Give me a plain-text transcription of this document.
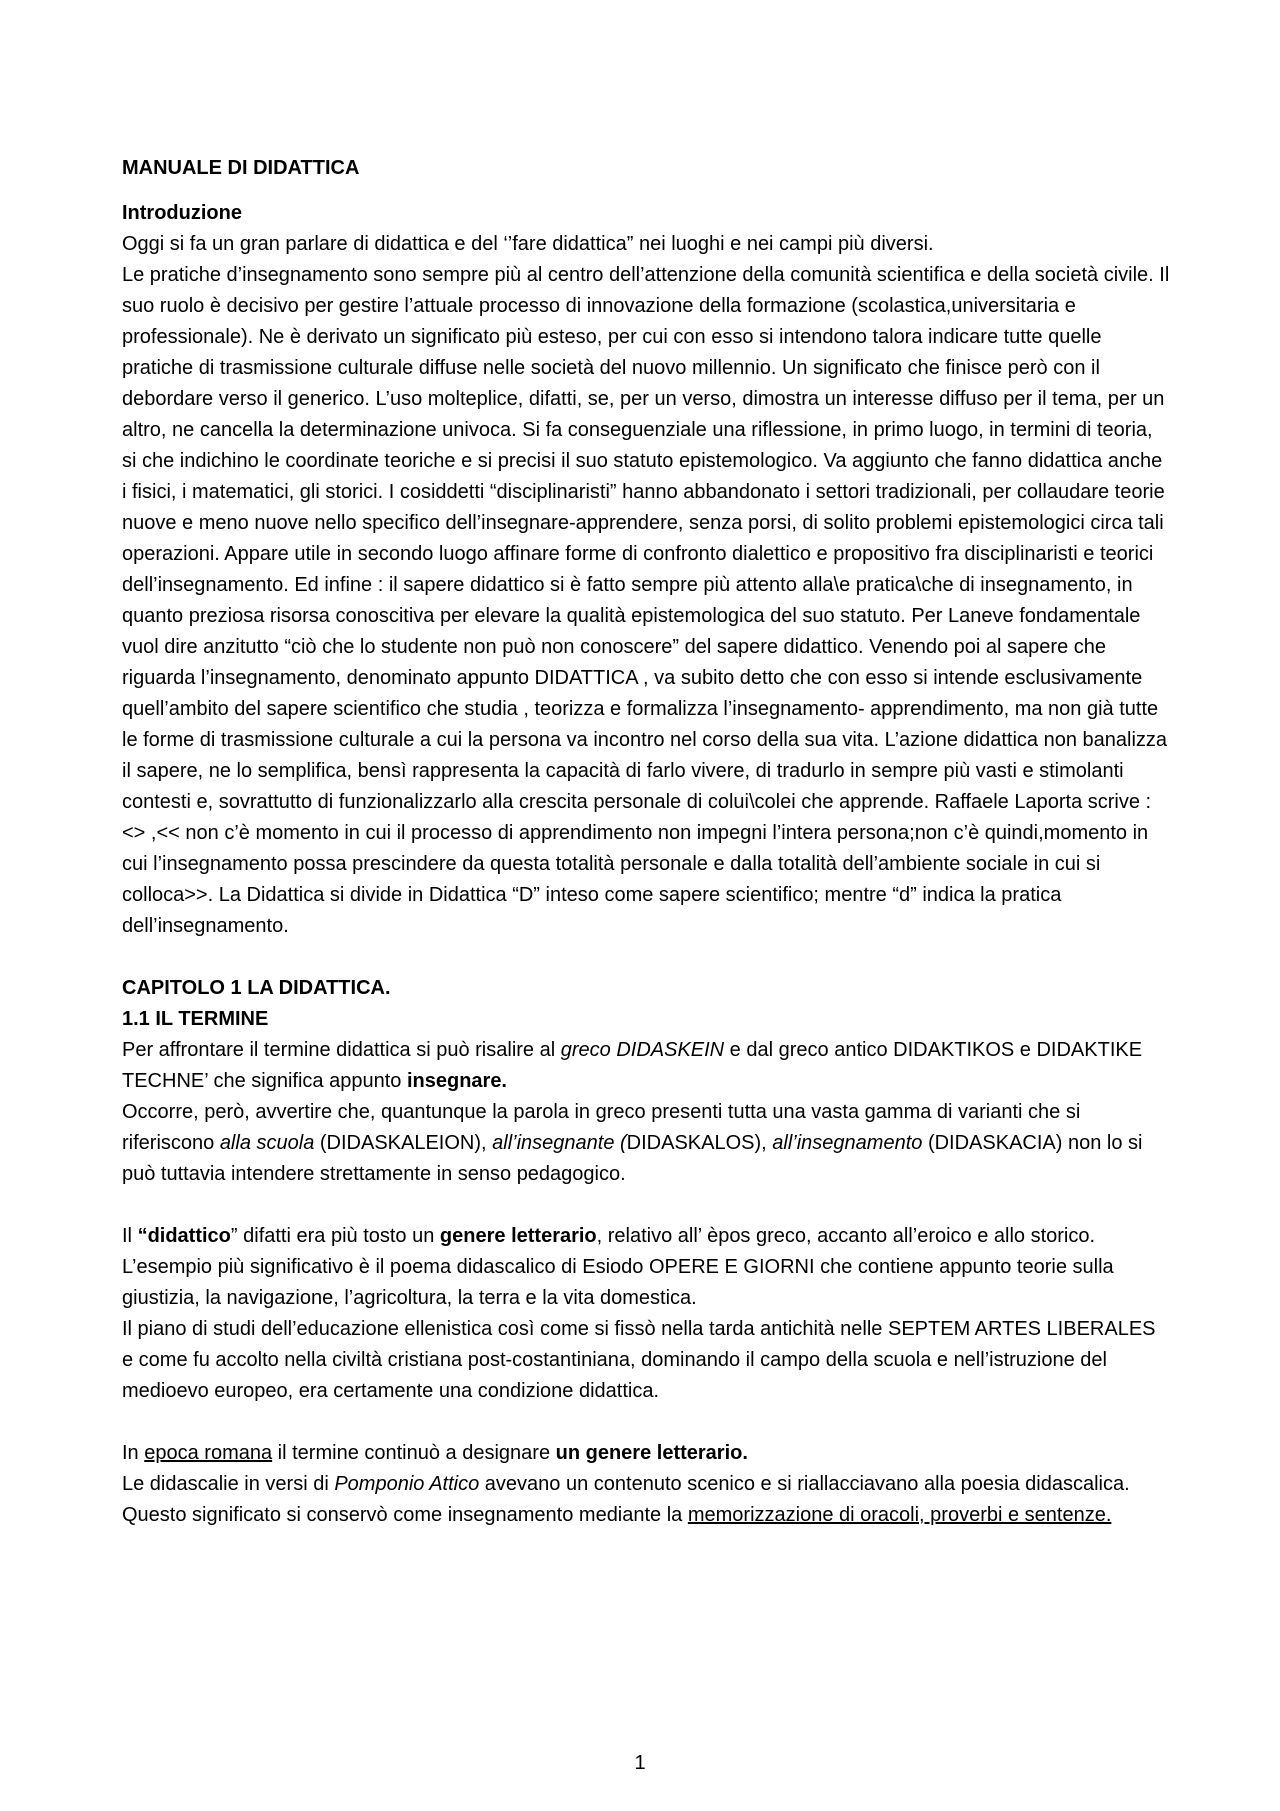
MANUALE DI DIDATTICA

Introduzione

Oggi si fa un gran parlare di didattica e del ‘’fare didattica” nei luoghi e nei campi più diversi.

Le pratiche d’insegnamento sono sempre più al centro dell’attenzione della comunità scientifica e della società civile. Il suo ruolo è decisivo per gestire l’attuale processo di innovazione della formazione (scolastica,universitaria e professionale). Ne è derivato un significato più esteso, per cui con esso si intendono talora indicare tutte quelle pratiche di trasmissione culturale diffuse nelle società del nuovo millennio. Un significato che finisce però con il debordare verso il generico. L’uso molteplice, difatti, se, per un verso, dimostra un interesse diffuso per il tema, per un altro, ne cancella la determinazione univoca. Si fa conseguenziale una riflessione, in primo luogo, in termini di teoria, si che indichino le coordinate teoriche e si precisi il suo statuto epistemologico. Va aggiunto che fanno didattica anche i fisici, i matematici, gli storici. I cosiddetti “disciplinaristi” hanno abbandonato i settori tradizionali, per collaudare teorie nuove e meno nuove nello specifico dell’insegnare-apprendere, senza porsi, di solito problemi epistemologici circa tali operazioni. Appare utile in secondo luogo affinare forme di confronto dialettico e propositivo fra disciplinaristi e teorici dell’insegnamento. Ed infine : il sapere didattico si è fatto sempre più attento alla\e pratica\che di insegnamento, in quanto preziosa risorsa conoscitiva per elevare la qualità epistemologica del suo statuto. Per Laneve fondamentale vuol dire anzitutto “ciò che lo studente non può non conoscere” del sapere didattico. Venendo poi al sapere che riguarda l’insegnamento, denominato appunto DIDATTICA , va subito detto che con esso si intende esclusivamente quell’ambito del sapere scientifico che studia , teorizza e formalizza l’insegnamento- apprendimento, ma non già tutte le forme di trasmissione culturale a cui la persona va incontro nel corso della sua vita. L’azione didattica non banalizza il sapere, ne lo semplifica, bensì rappresenta la capacità di farlo vivere, di tradurlo in sempre più vasti e stimolanti contesti e, sovrattutto di funzionalizzarlo alla crescita personale di colui\colei che apprende. Raffaele Laporta scrive : <> ,<< non c’è momento in cui il processo di apprendimento non impegni l’intera persona;non c’è quindi,momento in cui l’insegnamento possa prescindere da questa totalità personale e dalla totalità dell’ambiente sociale in cui si colloca>>. La Didattica si divide in Didattica “D” inteso come sapere scientifico; mentre “d” indica la pratica dell’insegnamento.

CAPITOLO 1 LA DIDATTICA.

1.1 IL TERMINE

Per affrontare il termine didattica si può risalire al greco DIDASKEIN e dal greco antico DIDAKTIKOS e DIDAKTIKE TECHNE’ che significa appunto insegnare.

Occorre, però, avvertire che, quantunque la parola in greco presenti tutta una vasta gamma di varianti che si riferiscono alla scuola (DIDASKALEION), all’insegnante (DIDASKALOS), all’insegnamento (DIDASKACIA) non lo si può tuttavia intendere strettamente in senso pedagogico.

Il “didattico” difatti era più tosto un genere letterario, relativo all’ èpos greco, accanto all’eroico e allo storico.

L’esempio più significativo è il poema didascalico di Esiodo OPERE E GIORNI che contiene appunto teorie sulla giustizia, la navigazione, l’agricoltura, la terra e la vita domestica.

Il piano di studi dell’educazione ellenistica così come si fissò nella tarda antichità nelle SEPTEM ARTES LIBERALES e come fu accolto nella civiltà cristiana post-costantiniana, dominando il campo della scuola e nell’istruzione del medioevo europeo, era certamente una condizione didattica.

In epoca romana il termine continuò a designare un genere letterario.

Le didascalie in versi di Pomponio Attico avevano un contenuto scenico e si riallacciavano alla poesia didascalica. Questo significato si conservò come insegnamento mediante la memorizzazione di oracoli, proverbi e sentenze.

1
